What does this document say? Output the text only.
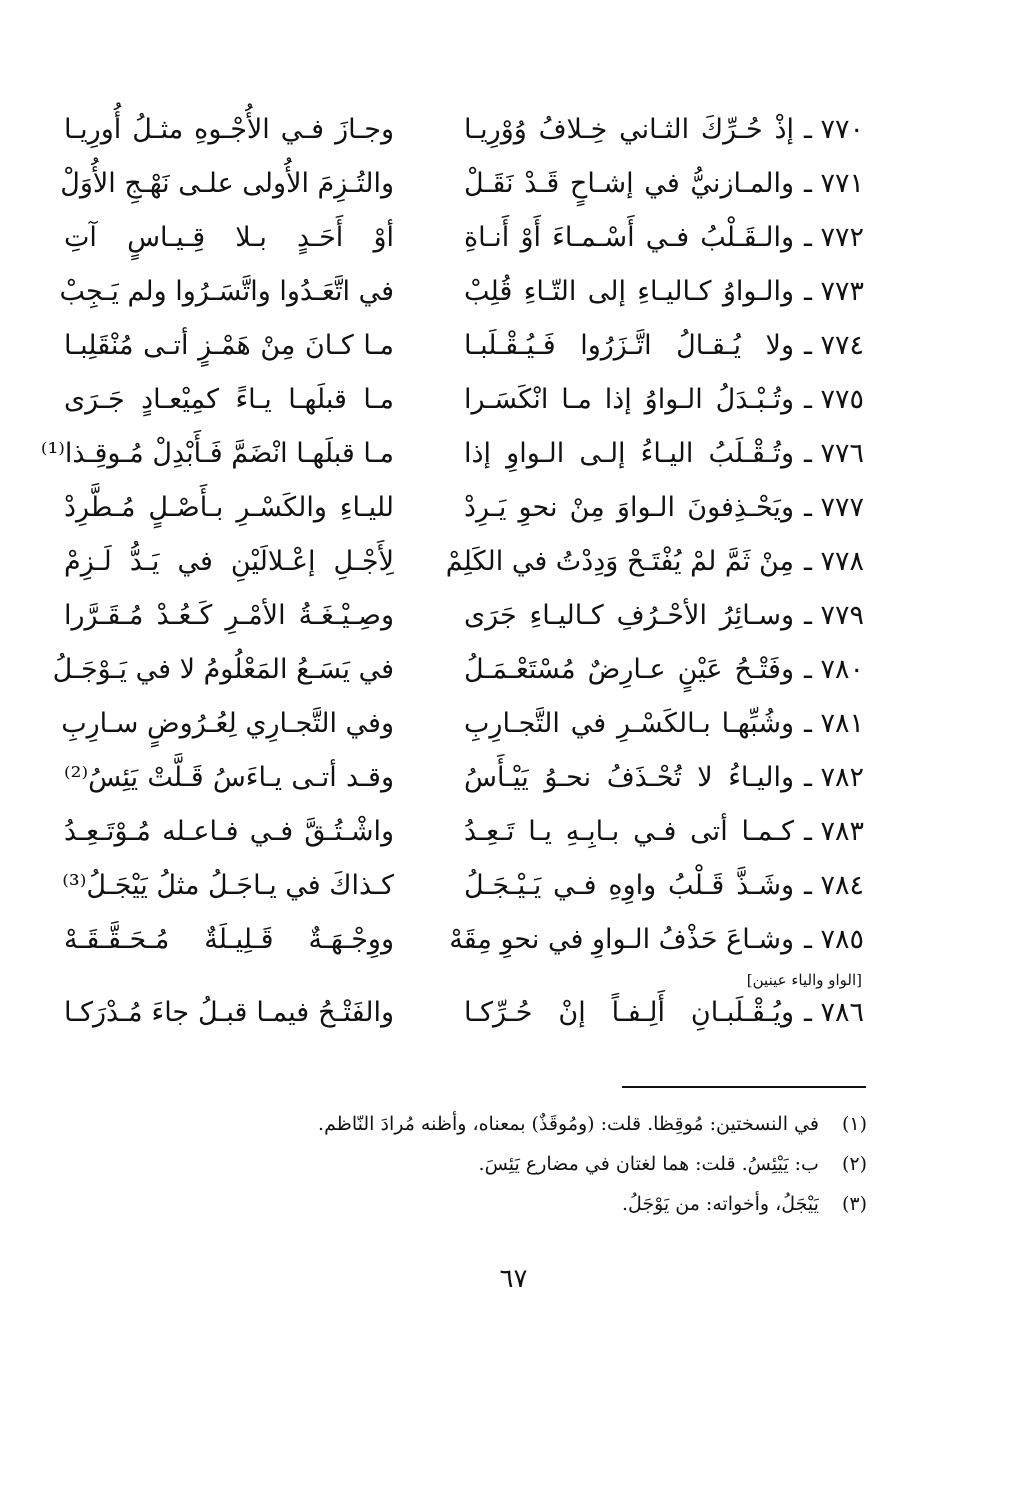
٧٧٠ ـ
إذْ حُـرِّكَ الثـاني خِـلافُ وُوْرِيـا
وجـازَ فـي الأُجْـوهِ مثـلُ أُورِيـا
٧٧١ ـ
والمـازنيُّ في إشـاحٍ قَـدْ نَقَـلْ
والتُـزِمَ الأُولى علـى نَهْـجِ الأُوَلْ
٧٧٢ ـ
والـقَـلْبُ فـي أَسْـمـاءَ أَوْ أَنـاةِ
أوْ أَحَـدٍ بـلا قِـيـاسٍ آتِ
٧٧٣ ـ
والـواوُ كـاليـاءِ إلى التّـاءِ قُلِبْ
في اتَّعَـدُوا واتَّسَـرُوا ولم يَـجِبْ
٧٧٤ ـ
ولا يُـقـالُ اتَّـزَرُوا فَـيُـقْـلَبـا
مـا كـانَ مِنْ هَمْـزٍ أتـى مُنْقَلِبـا
٧٧٥ ـ
وتُـبْـدَلُ الـواوُ إذا مـا انْكَسَـرا
مـا قبلَهـا يـاءً كمِيْعـادٍ جَـرَى
٧٧٦ ـ
وتُـقْـلَبُ اليـاءُ إلـى الـواوِ إذا
مـا قبلَهـا انْضَمَّ فَـأَبْدِلْ مُـوقِـذا⁽¹⁾
٧٧٧ ـ
ويَحْـذِفونَ الـواوَ مِنْ نحوِ يَـرِدْ
لليـاءِ والكَسْـرِ بـأَصْـلٍ مُـطَّرِدْ
٧٧٨ ـ
مِنْ ثَمَّ لمْ يُفْتَـحْ وَدِدْتُ في الكَلِمْ
لِأَجْـلِ إعْـلالَيْنِ في يَـدُّ لَـزِمْ
٧٧٩ ـ
وسـائِرُ الأحْـرُفِ كـاليـاءِ جَرَى
وصِـيْـغَـةُ الأمْـرِ كَـعُـدْ مُـقَـرَّرا
٧٨٠ ـ
وفَتْـحُ عَيْنٍ عـارِضٌ مُسْتَعْـمَـلُ
في يَسَـعُ المَعْلُومُ لا في يَـوْجَـلُ
٧٨١ ـ
وشُبِّهـا بـالكَسْـرِ في التَّجـارِبِ
وفي التَّجـارِي لِعُـرُوضٍ سـارِبِ
٧٨٢ ـ
واليـاءُ لا تُحْـذَفُ نحـوُ يَيْـأَسُ
وقـد أتـى يـاءَسُ قَـلَّتْ يَئِسُ⁽²⁾
٧٨٣ ـ
كـمـا أتى فـي بـابِـهِ يـا تَـعِـدُ
واشْـتُـقَّ فـي فـاعـله مُـوْتَـعِـدُ
٧٨٤ ـ
وشَـذَّ قَـلْبُ واوِهِ فـي يَـيْـجَـلُ
كـذاكَ في يـاجَـلُ مثلُ يَيْجَـلُ⁽³⁾
٧٨٥ ـ
وشـاعَ حَذْفُ الـواوِ في نحوِ مِقَهْ
ووِجْـهَـةٌ قَـلِيـلَةٌ مُـحَـقَّـقَـهْ
[الواو والياء عينين]
٧٨٦ ـ
ويُـقْـلَبـانِ أَلِـفـاً إنْ حُـرِّكـا
والفَتْـحُ فيمـا قبـلُ جاءَ مُـدْرَكـا
(١) في النسختين: مُوقِظا. قلت: (ومُوقَذٌ) بمعناه، وأظنه مُرادَ النّاظم.
(٢) ب: يَيْئِسُ. قلت: هما لغتان في مضارع يَئِسَ.
(٣) يَيْجَلُ، وأخواته: من يَوْجَلُ.
٦٧
